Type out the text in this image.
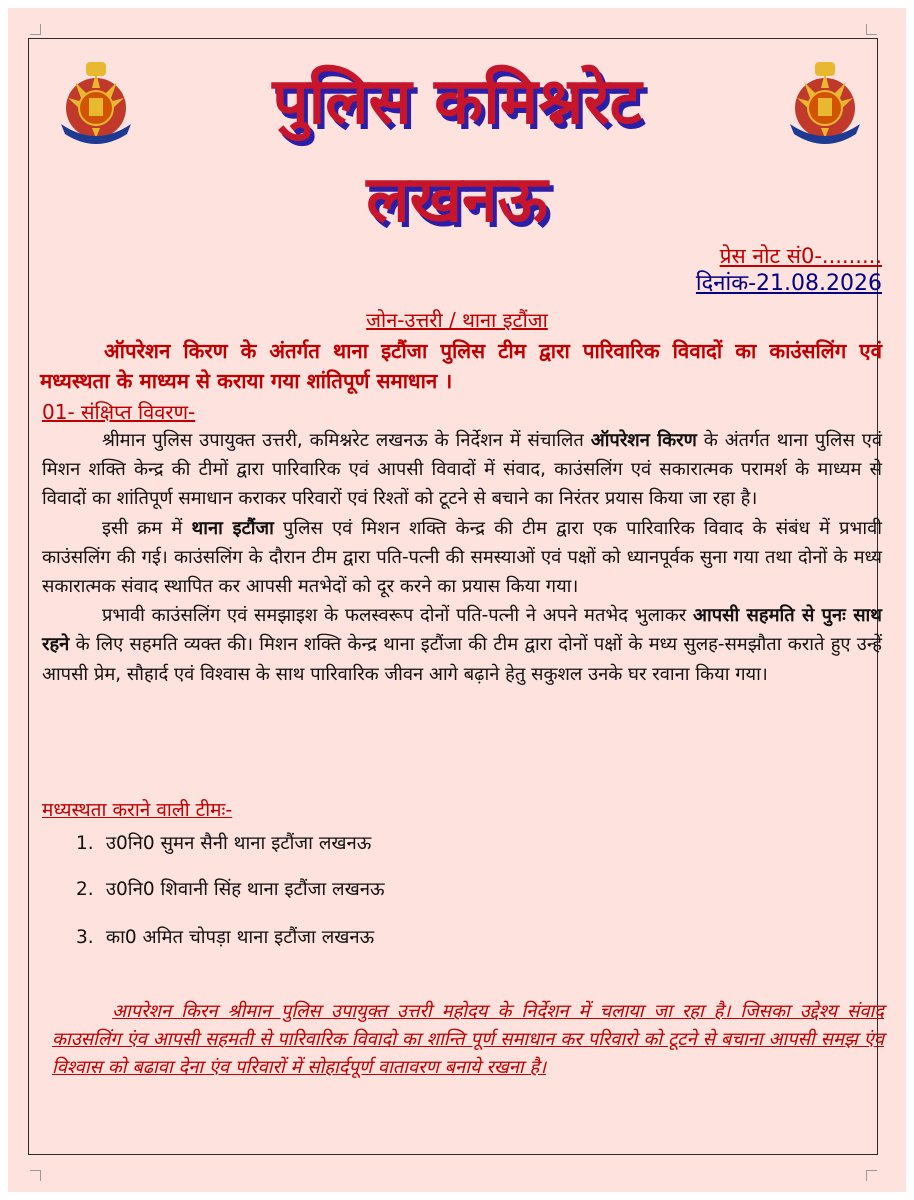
पुलिस कमिश्नरेट
लखनऊ
प्रेस नोट सं0-.........
दिनांक-21.08.2026
जोन-उत्तरी / थाना इटौंजा

ऑपरेशन किरण के अंतर्गत थाना इटौंजा पुलिस टीम द्वारा पारिवारिक विवादों का काउंसलिंग एवं मध्यस्थता के माध्यम से कराया गया शांतिपूर्ण समाधान ।

01- संक्षिप्त विवरण-

श्रीमान पुलिस उपायुक्त उत्तरी, कमिश्नरेट लखनऊ के निर्देशन में संचालित ऑपरेशन किरण के अंतर्गत थाना पुलिस एवं मिशन शक्ति केन्द्र की टीमों द्वारा पारिवारिक एवं आपसी विवादों में संवाद, काउंसलिंग एवं सकारात्मक परामर्श के माध्यम से विवादों का शांतिपूर्ण समाधान कराकर परिवारों एवं रिश्तों को टूटने से बचाने का निरंतर प्रयास किया जा रहा है।

इसी क्रम में थाना इटौंजा पुलिस एवं मिशन शक्ति केन्द्र की टीम द्वारा एक पारिवारिक विवाद के संबंध में प्रभावी काउंसलिंग की गई। काउंसलिंग के दौरान टीम द्वारा पति-पत्नी की समस्याओं एवं पक्षों को ध्यानपूर्वक सुना गया तथा दोनों के मध्य सकारात्मक संवाद स्थापित कर आपसी मतभेदों को दूर करने का प्रयास किया गया।

प्रभावी काउंसलिंग एवं समझाइश के फलस्वरूप दोनों पति-पत्नी ने अपने मतभेद भुलाकर आपसी सहमति से पुनः साथ रहने के लिए सहमति व्यक्त की। मिशन शक्ति केन्द्र थाना इटौंजा की टीम द्वारा दोनों पक्षों के मध्य सुलह-समझौता कराते हुए उन्हें आपसी प्रेम, सौहार्द एवं विश्वास के साथ पारिवारिक जीवन आगे बढ़ाने हेतु सकुशल उनके घर रवाना किया गया।

मध्यस्थता कराने वाली टीमः-
1. उ0नि0 सुमन सैनी थाना इटौंजा लखनऊ
2. उ0नि0 शिवानी सिंह थाना इटौंजा लखनऊ
3. का0 अमित चोपड़ा थाना इटौंजा लखनऊ

आपरेशन किरन श्रीमान पुलिस उपायुक्त उत्तरी महोदय के निर्देशन में चलाया जा रहा है। जिसका उद्देश्य संवाद काउसलिंग एंव आपसी सहमती से पारिवारिक विवादो का शान्ति पूर्ण समाधान कर परिवारो को टूटने से बचाना आपसी समझ एंव विश्वास को बढावा देना एंव परिवारों में सोहार्दपूर्ण वातावरण बनाये रखना है।
